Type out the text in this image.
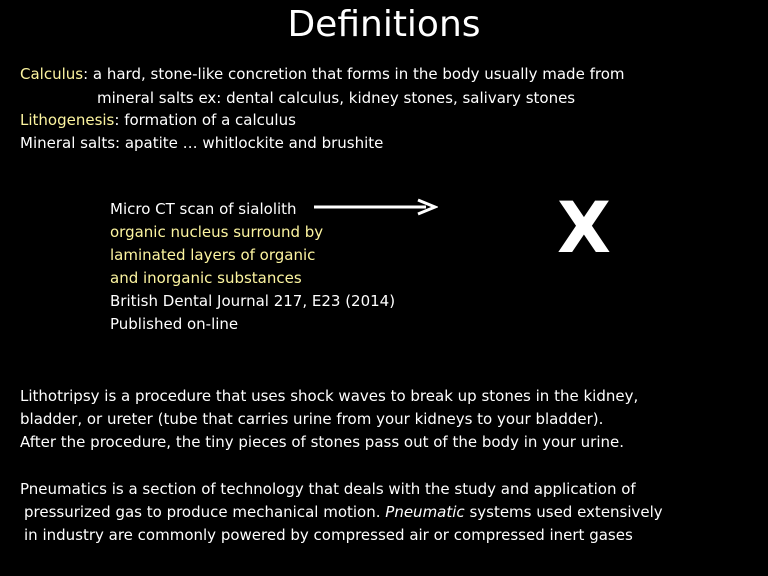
Definitions
Calculus: a hard, stone-like concretion that forms in the body usually made from
mineral salts ex: dental calculus, kidney stones, salivary stones
Lithogenesis: formation of a calculus
Mineral salts: apatite … whitlockite and brushite
Micro CT scan of sialolith
organic nucleus surround by
laminated layers of organic
and inorganic substances
British Dental Journal 217, E23 (2014)
Published on-line
X
Lithotripsy is a procedure that uses shock waves to break up stones in the kidney,
bladder, or ureter (tube that carries urine from your kidneys to your bladder).
After the procedure, the tiny pieces of stones pass out of the body in your urine.
Pneumatics is a section of technology that deals with the study and application of
pressurized gas to produce mechanical motion. Pneumatic systems used extensively
in industry are commonly powered by compressed air or compressed inert gases
